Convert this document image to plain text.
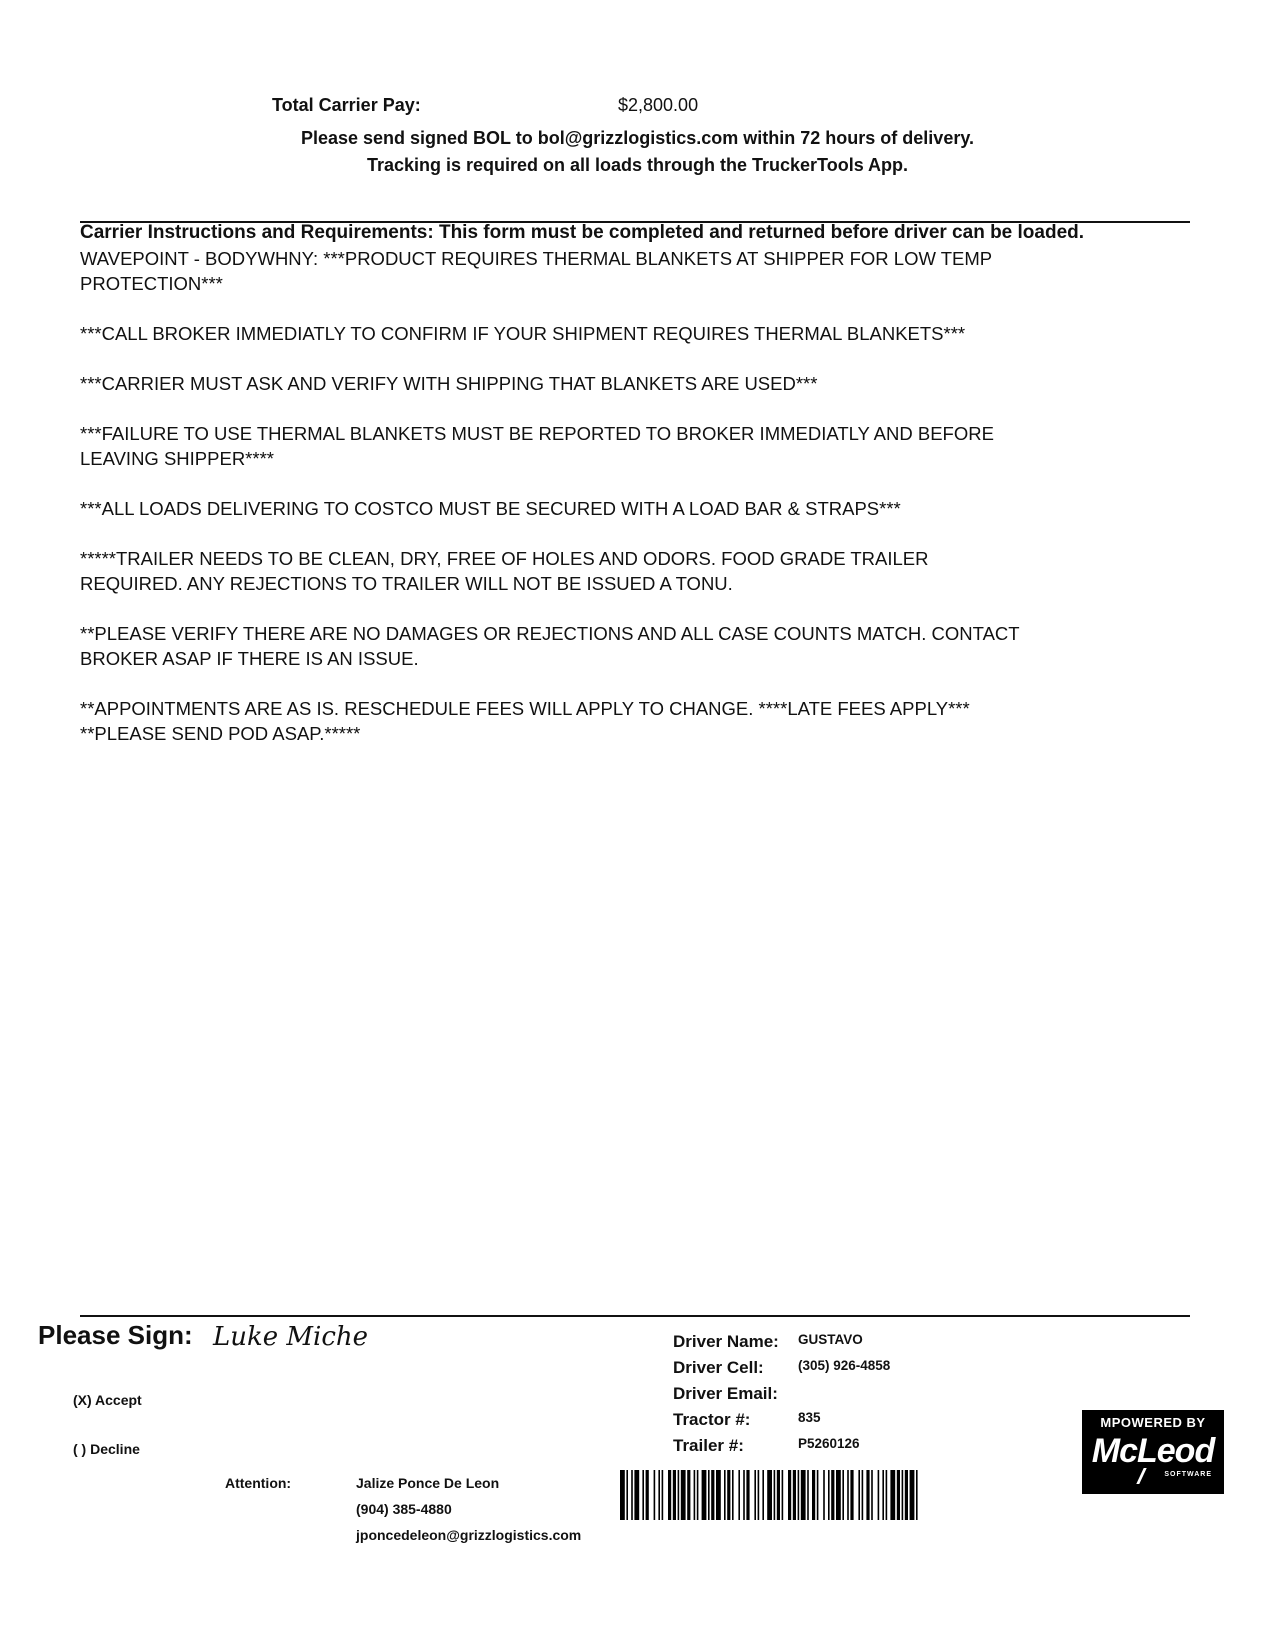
Total Carrier Pay:	$2,800.00
Please send signed BOL to bol@grizzlogistics.com within 72 hours of delivery.
Tracking is required on all loads through the TruckerTools App.
Carrier Instructions and Requirements: This form must be completed and returned before driver can be loaded.
WAVEPOINT - BODYWHNY: ***PRODUCT REQUIRES THERMAL BLANKETS AT SHIPPER FOR LOW TEMP
PROTECTION***
***CALL BROKER IMMEDIATLY TO CONFIRM IF YOUR SHIPMENT REQUIRES THERMAL BLANKETS***
***CARRIER MUST ASK AND VERIFY WITH SHIPPING THAT BLANKETS ARE USED***
***FAILURE TO USE THERMAL BLANKETS MUST BE REPORTED TO BROKER IMMEDIATLY AND BEFORE
LEAVING SHIPPER****
***ALL LOADS DELIVERING TO COSTCO MUST BE SECURED WITH A LOAD BAR & STRAPS***
*****TRAILER NEEDS TO BE CLEAN, DRY, FREE OF HOLES AND ODORS. FOOD GRADE TRAILER
REQUIRED. ANY REJECTIONS TO TRAILER WILL NOT BE ISSUED A TONU.
**PLEASE VERIFY THERE ARE NO DAMAGES OR REJECTIONS AND ALL CASE COUNTS MATCH. CONTACT
BROKER ASAP IF THERE IS AN ISSUE.
**APPOINTMENTS ARE AS IS. RESCHEDULE FEES WILL APPLY TO CHANGE. ****LATE FEES APPLY***
**PLEASE SEND POD ASAP.*****
Please Sign: Luke Miche
(X) Accept
( ) Decline
Attention:	Jalize Ponce De Leon
(904) 385-4880
jponcedeleon@grizzlogistics.com
Driver Name: GUSTAVO
Driver Cell:	(305) 926-4858
Driver Email:
Tractor #:	835
Trailer #:	P5260126
MPOWERED BY
McLeod
SOFTWARE
